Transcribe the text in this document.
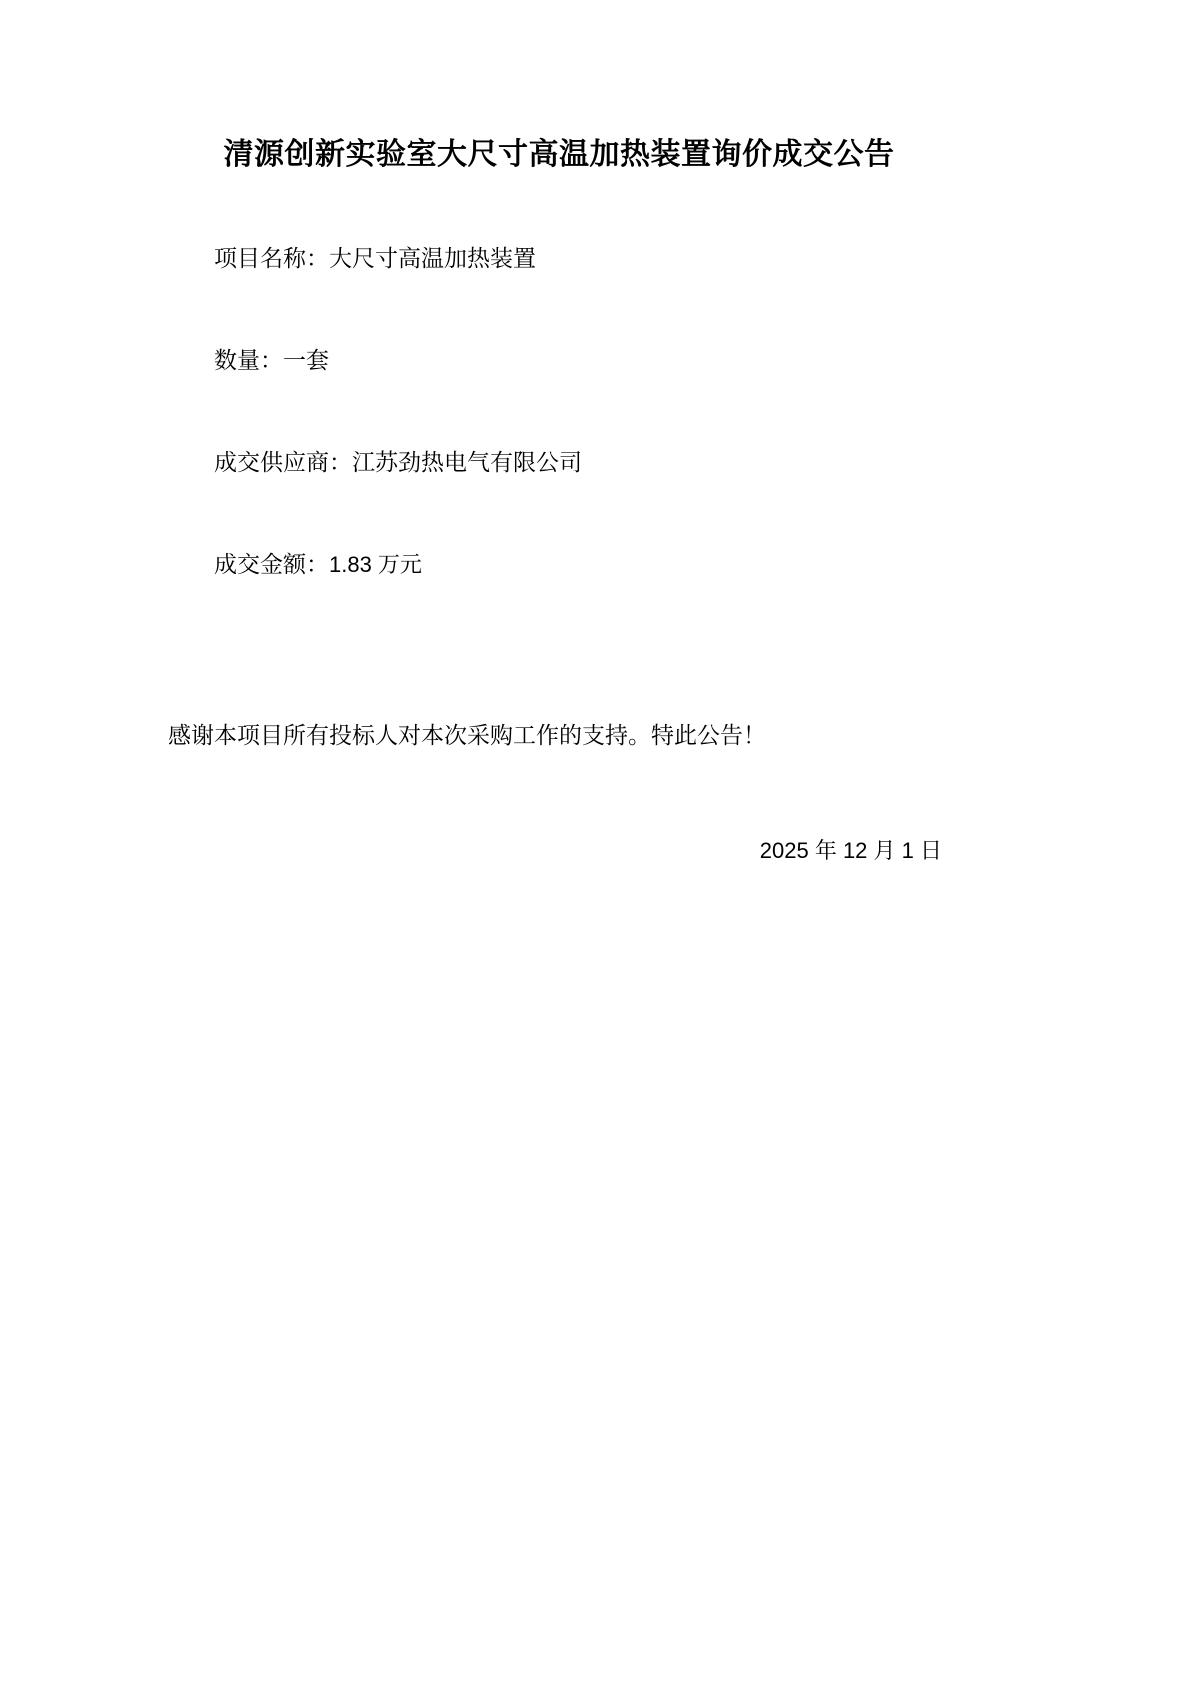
清源创新实验室大尺寸高温加热装置询价成交公告

项目名称：大尺寸高温加热装置

数量：一套

成交供应商：江苏劲热电气有限公司

成交金额：1.83 万元

感谢本项目所有投标人对本次采购工作的支持。特此公告！
2025 年 12 月 1 日
